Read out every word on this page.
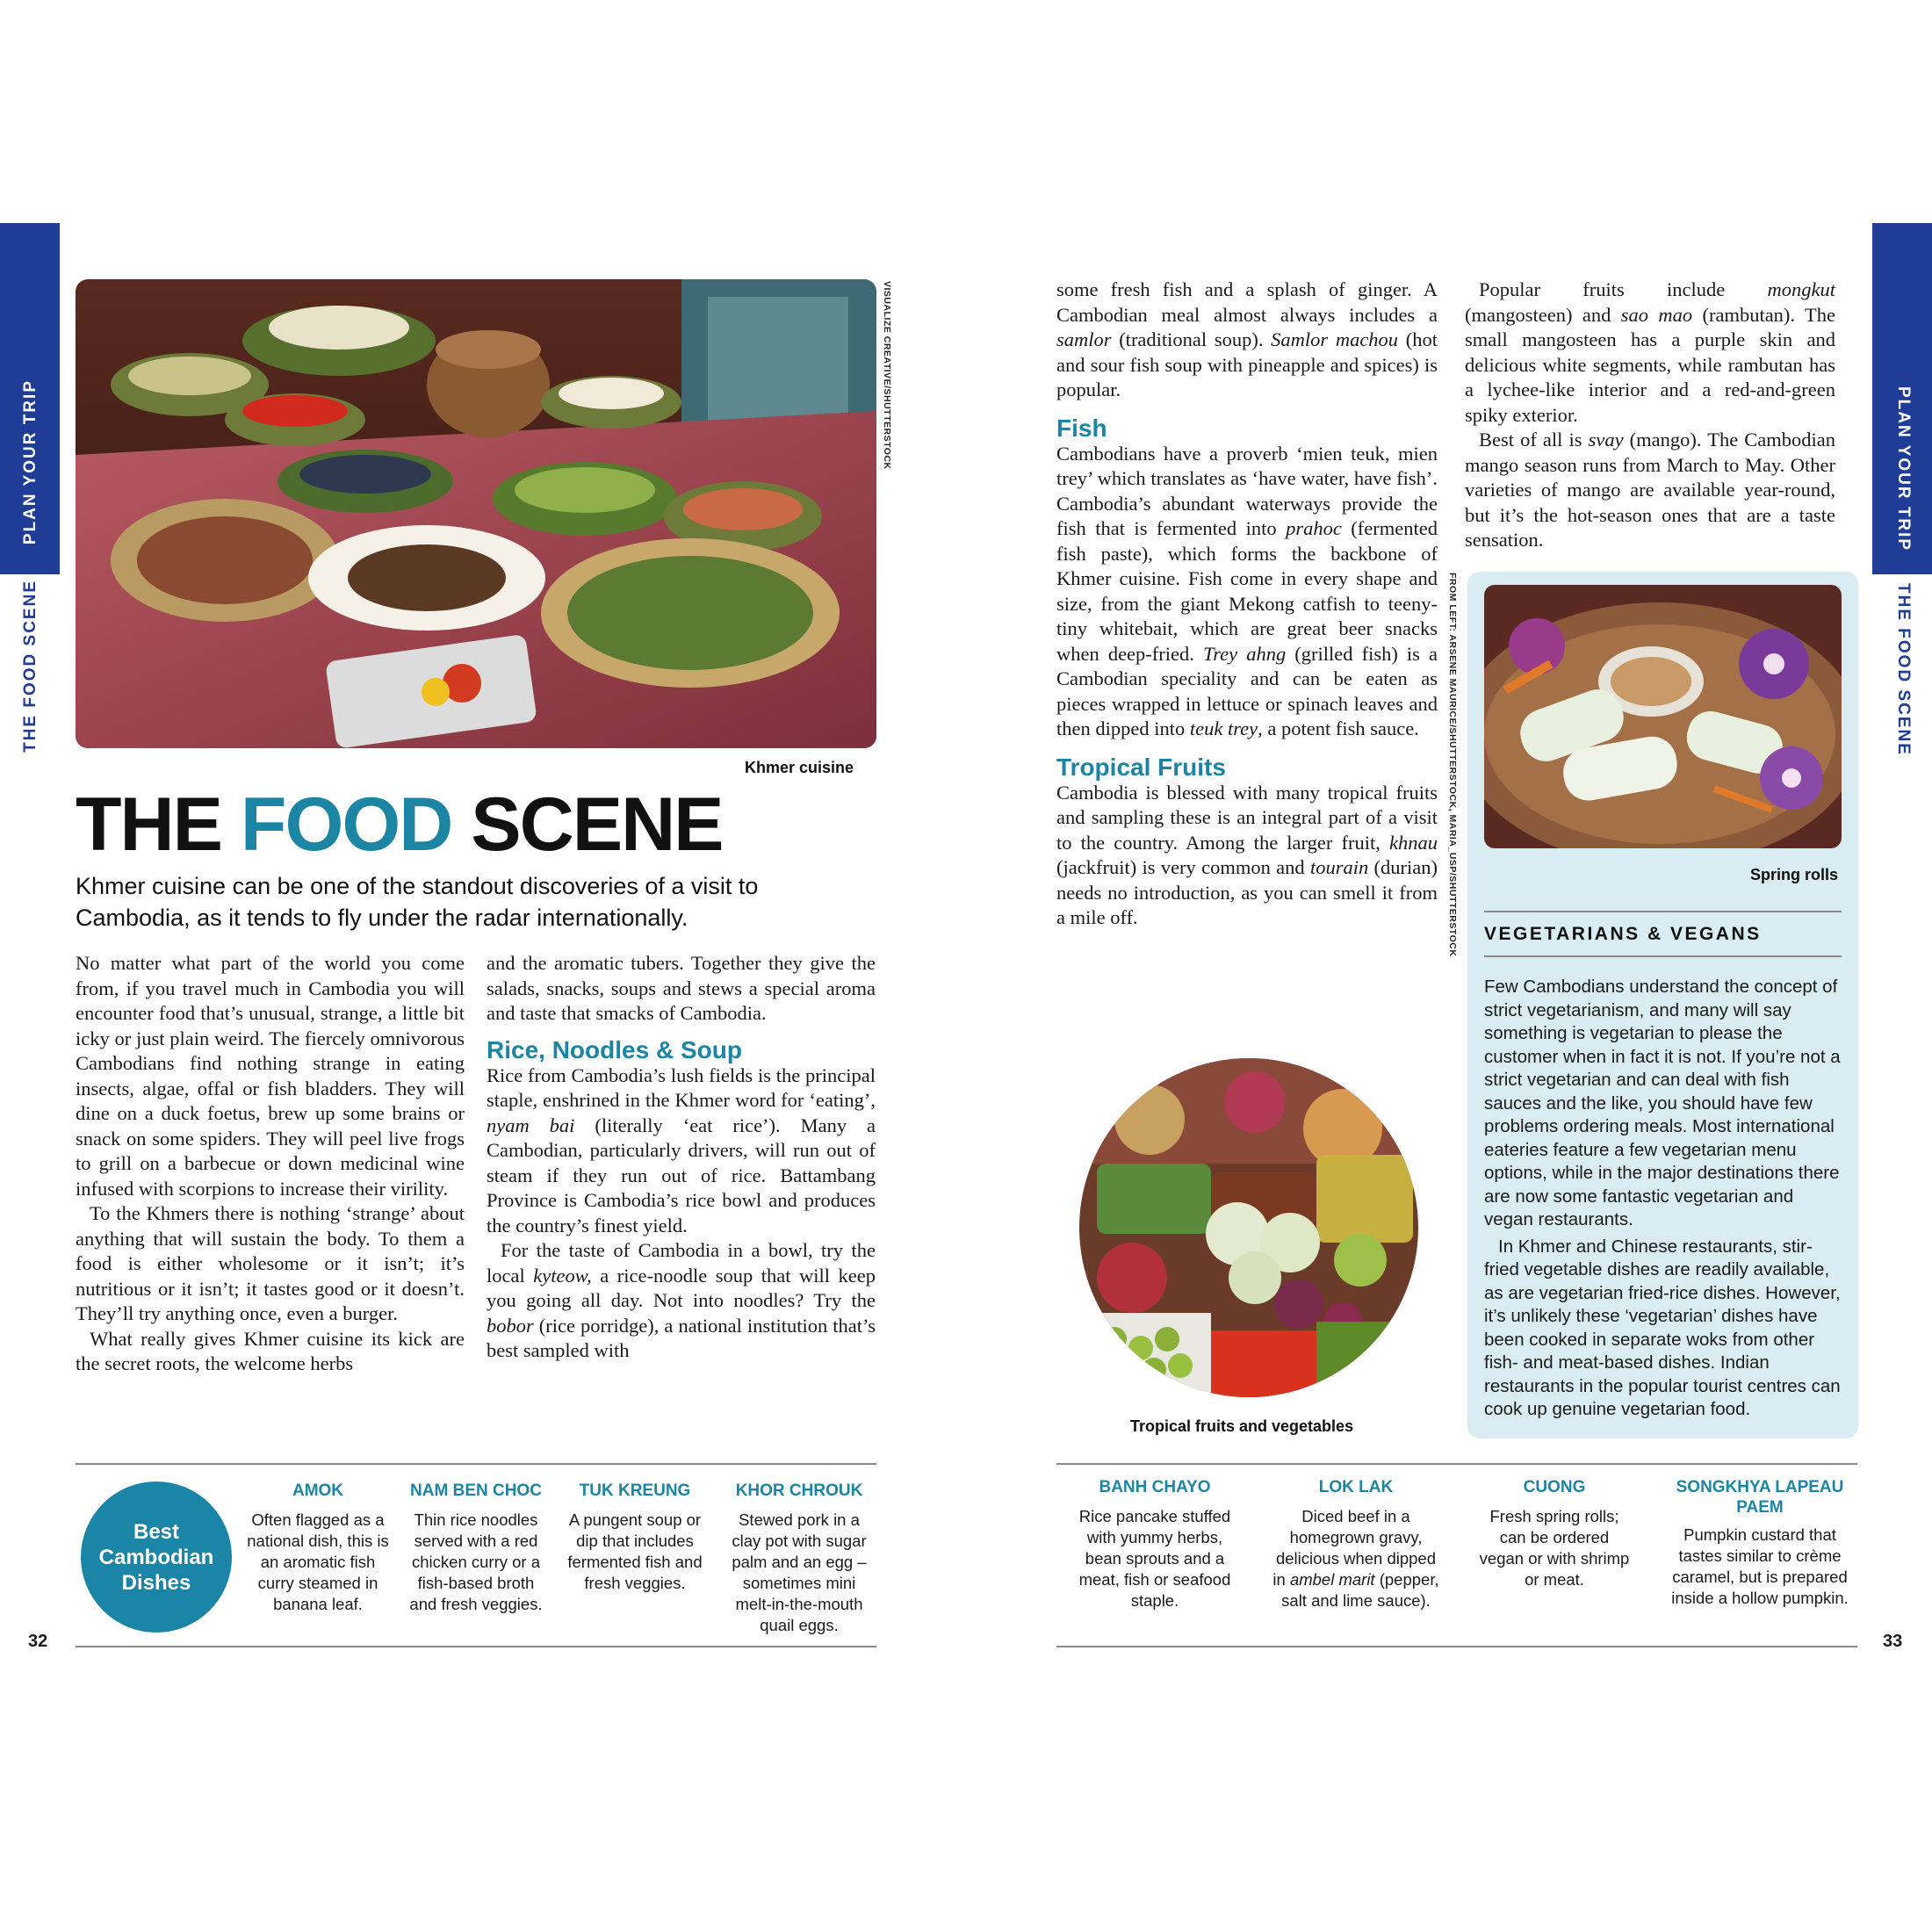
PLAN YOUR TRIP
THE FOOD SCENE
PLAN YOUR TRIP
THE FOOD SCENE
VISUALIZE CREATIVE/SHUTTERSTOCK
Khmer cuisine
THE FOOD SCENE
Khmer cuisine can be one of the standout discoveries of a visit to Cambodia, as it tends to fly under the radar internationally.

No matter what part of the world you come from, if you travel much in Cambodia you will encounter food that’s unusual, strange, a little bit icky or just plain weird. The fiercely omnivorous Cambodians find nothing strange in eating insects, algae, offal or fish bladders. They will dine on a duck foetus, brew up some brains or snack on some spiders. They will peel live frogs to grill on a barbecue or down medicinal wine infused with scorpions to increase their virility.

To the Khmers there is nothing ‘strange’ about anything that will sustain the body. To them a food is either wholesome or it isn’t; it’s nutritious or it isn’t; it tastes good or it doesn’t. They’ll try anything once, even a burger.

What really gives Khmer cuisine its kick are the secret roots, the welcome herbs

and the aromatic tubers. Together they give the salads, snacks, soups and stews a special aroma and taste that smacks of Cambodia.

Rice, Noodles & Soup

Rice from Cambodia’s lush fields is the principal staple, enshrined in the Khmer word for ‘eating’, nyam bai (literally ‘eat rice’). Many a Cambodian, particularly drivers, will run out of steam if they run out of rice. Battambang Province is Cambodia’s rice bowl and produces the country’s finest yield.

For the taste of Cambodia in a bowl, try the local kyteow, a rice-noodle soup that will keep you going all day. Not into noodles? Try the bobor (rice porridge), a national institution that’s best sampled with

some fresh fish and a splash of ginger. A Cambodian meal almost always includes a samlor (traditional soup). Samlor machou (hot and sour fish soup with pineapple and spices) is popular.

Fish

Cambodians have a proverb ‘mien teuk, mien trey’ which translates as ‘have water, have fish’. Cambodia’s abundant waterways provide the fish that is fermented into prahoc (fermented fish paste), which forms the backbone of Khmer cuisine. Fish come in every shape and size, from the giant Mekong catfish to teeny-tiny whitebait, which are great beer snacks when deep-fried. Trey ahng (grilled fish) is a Cambodian speciality and can be eaten as pieces wrapped in lettuce or spinach leaves and then dipped into teuk trey, a potent fish sauce.

Tropical Fruits

Cambodia is blessed with many tropical fruits and sampling these is an integral part of a visit to the country. Among the larger fruit, khnau (jackfruit) is very common and tourain (durian) needs no introduction, as you can smell it from a mile off.	FROM LEFT: ARSENE MAURICE/SHUTTERSTOCK, MARIA_USP/SHUTTERSTOCK
Tropical fruits and vegetables

Popular fruits include mongkut (mangosteen) and sao mao (rambutan). The small mangosteen has a purple skin and delicious white segments, while rambutan has a lychee-like interior and a red-and-green spiky exterior.

Best of all is svay (mango). The Cambodian mango season runs from March to May. Other varieties of mango are available year-round, but it’s the hot-season ones that are a taste sensation.

Spring rolls
VEGETARIANS & VEGANS

Few Cambodians understand the concept of strict vegetarianism, and many will say something is vegetarian to please the customer when in fact it is not. If you’re not a strict vegetarian and can deal with fish sauces and the like, you should have few problems ordering meals. Most international eateries feature a few vegetarian menu options, while in the major destinations there are now some fantastic vegetarian and vegan restaurants.

In Khmer and Chinese restaurants, stir-fried vegetable dishes are readily available, as are vegetarian fried-rice dishes. However, it’s unlikely these ‘vegetarian’ dishes have been cooked in separate woks from other fish- and meat-based dishes. Indian restaurants in the popular tourist centres can cook up genuine vegetarian food.

Best
Cambodian
Dishes
AMOK
Often flagged as a national dish, this is an aromatic fish curry steamed in banana leaf.
NAM BEN CHOC
Thin rice noodles served with a red chicken curry or a fish-based broth and fresh veggies.
TUK KREUNG
A pungent soup or dip that includes fermented fish and fresh veggies.
KHOR CHROUK
Stewed pork in a clay pot with sugar palm and an egg – sometimes mini melt-in-the-mouth quail eggs.
32
BANH CHAYO
Rice pancake stuffed with yummy herbs, bean sprouts and a meat, fish or seafood staple.
LOK LAK
Diced beef in a homegrown gravy, delicious when dipped in ambel marit (pepper, salt and lime sauce).
CUONG
Fresh spring rolls; can be ordered vegan or with shrimp or meat.
SONGKHYA LAPEAU PAEM
Pumpkin custard that tastes similar to crème caramel, but is prepared inside a hollow pumpkin.
33
